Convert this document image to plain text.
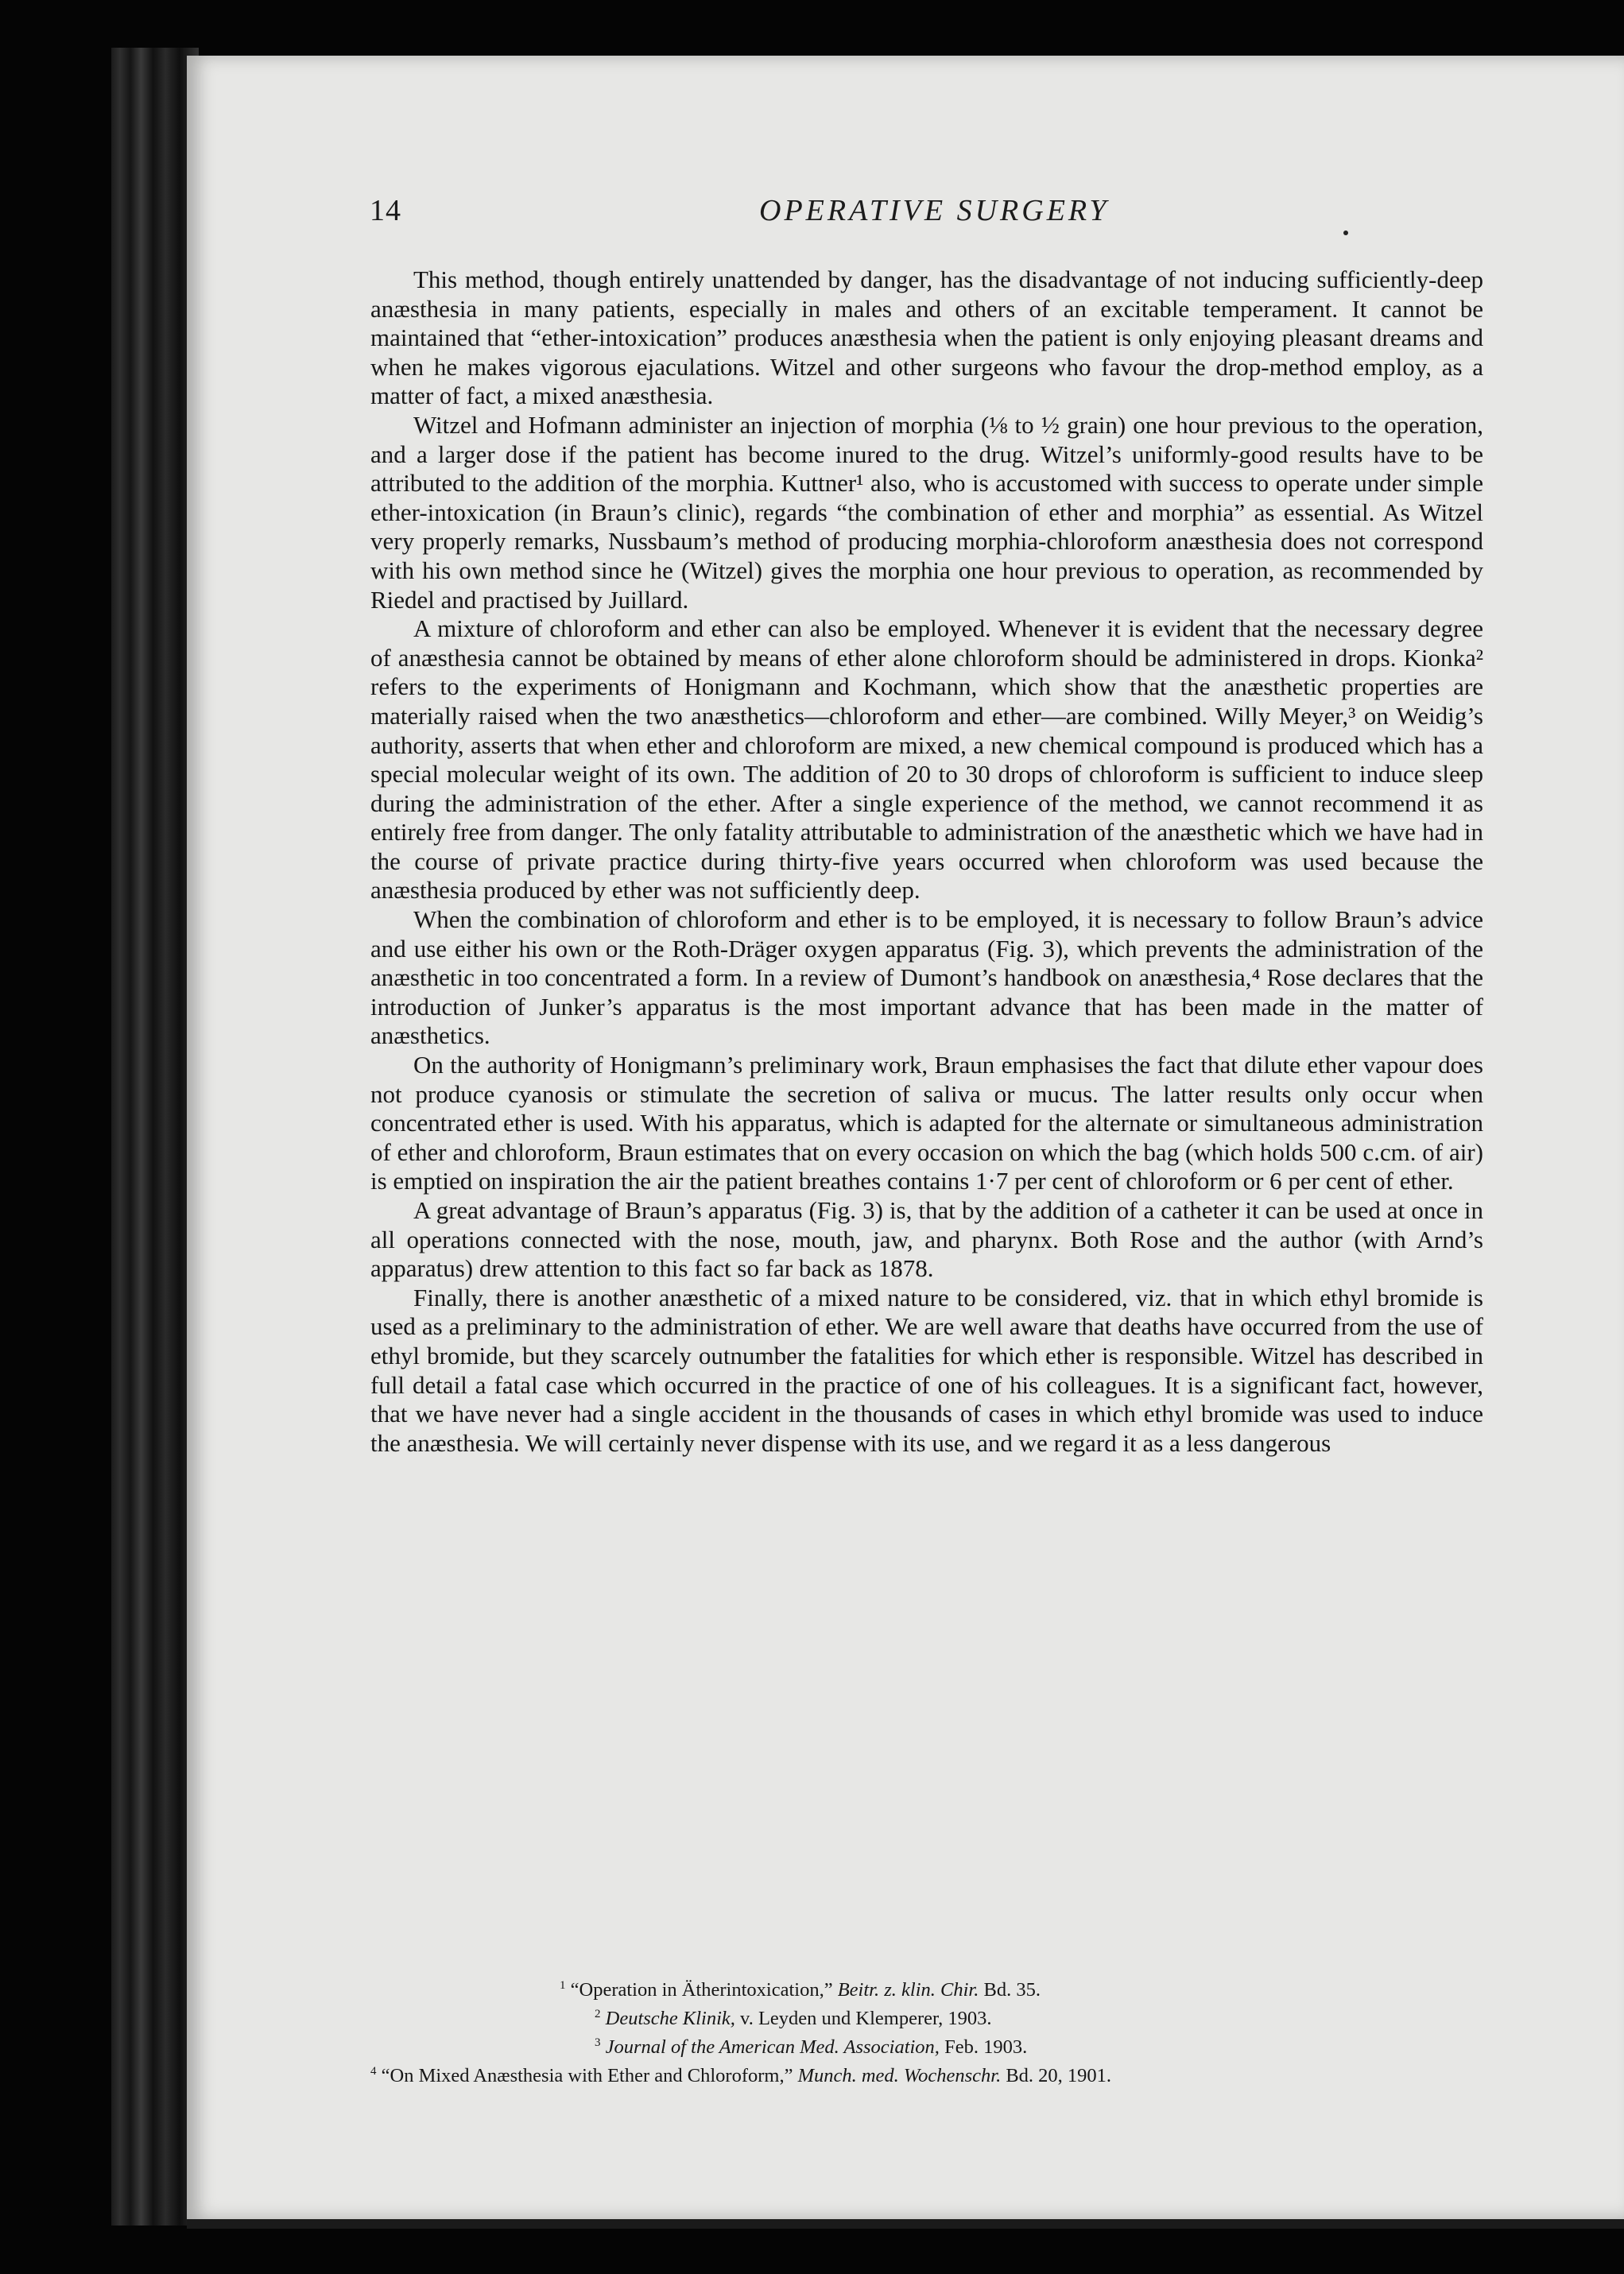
14	OPERATIVE SURGERY

This method, though entirely unattended by danger, has the disadvantage of not inducing sufficiently-deep anæsthesia in many patients, especially in males and others of an excitable temperament. It cannot be maintained that “ether-intoxication” produces anæsthesia when the patient is only enjoying pleasant dreams and when he makes vigorous ejaculations. Witzel and other surgeons who favour the drop-method employ, as a matter of fact, a mixed anæsthesia.

Witzel and Hofmann administer an injection of morphia (⅛ to ½ grain) one hour previous to the operation, and a larger dose if the patient has become inured to the drug. Witzel’s uniformly-good results have to be attributed to the addition of the morphia. Kuttner¹ also, who is accustomed with success to operate under simple ether-intoxication (in Braun’s clinic), regards “the combination of ether and morphia” as essential. As Witzel very properly remarks, Nussbaum’s method of producing morphia-chloroform anæsthesia does not correspond with his own method since he (Witzel) gives the morphia one hour previous to operation, as recommended by Riedel and practised by Juillard.

A mixture of chloroform and ether can also be employed. Whenever it is evident that the necessary degree of anæsthesia cannot be obtained by means of ether alone chloroform should be administered in drops. Kionka² refers to the experiments of Honigmann and Kochmann, which show that the anæsthetic properties are materially raised when the two anæsthetics—chloroform and ether—are combined. Willy Meyer,³ on Weidig’s authority, asserts that when ether and chloroform are mixed, a new chemical compound is produced which has a special molecular weight of its own. The addition of 20 to 30 drops of chloroform is sufficient to induce sleep during the administration of the ether. After a single experience of the method, we cannot recommend it as entirely free from danger. The only fatality attributable to administration of the anæsthetic which we have had in the course of private practice during thirty-five years occurred when chloroform was used because the anæsthesia produced by ether was not sufficiently deep.

When the combination of chloroform and ether is to be employed, it is necessary to follow Braun’s advice and use either his own or the Roth-Dräger oxygen apparatus (Fig. 3), which prevents the administration of the anæsthetic in too concentrated a form. In a review of Dumont’s handbook on anæsthesia,⁴ Rose declares that the introduction of Junker’s apparatus is the most important advance that has been made in the matter of anæsthetics.

On the authority of Honigmann’s preliminary work, Braun emphasises the fact that dilute ether vapour does not produce cyanosis or stimulate the secretion of saliva or mucus. The latter results only occur when concentrated ether is used. With his apparatus, which is adapted for the alternate or simultaneous administration of ether and chloroform, Braun estimates that on every occasion on which the bag (which holds 500 c.cm. of air) is emptied on inspiration the air the patient breathes contains 1·7 per cent of chloroform or 6 per cent of ether.

A great advantage of Braun’s apparatus (Fig. 3) is, that by the addition of a catheter it can be used at once in all operations connected with the nose, mouth, jaw, and pharynx. Both Rose and the author (with Arnd’s apparatus) drew attention to this fact so far back as 1878.

Finally, there is another anæsthetic of a mixed nature to be considered, viz. that in which ethyl bromide is used as a preliminary to the administration of ether. We are well aware that deaths have occurred from the use of ethyl bromide, but they scarcely outnumber the fatalities for which ether is responsible. Witzel has described in full detail a fatal case which occurred in the practice of one of his colleagues. It is a significant fact, however, that we have never had a single accident in the thousands of cases in which ethyl bromide was used to induce the anæsthesia. We will certainly never dispense with its use, and we regard it as a less dangerous

$^1$ “Operation in Ätherintoxication,” Beitr. z. klin. Chir. Bd. 35.
$^2$ Deutsche Klinik, v. Leyden und Klemperer, 1903.
$^3$ Journal of the American Med. Association, Feb. 1903.
$^4$ “On Mixed Anæsthesia with Ether and Chloroform,” Munch. med. Wochenschr. Bd. 20, 1901.
